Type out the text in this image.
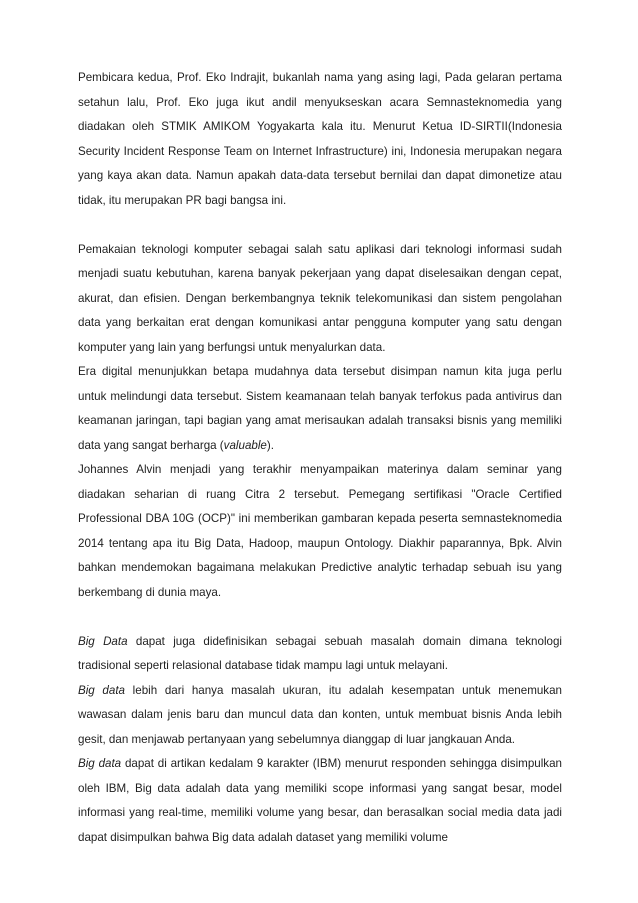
Pembicara kedua, Prof. Eko Indrajit, bukanlah nama yang asing lagi, Pada gelaran pertama setahun lalu, Prof. Eko juga ikut andil menyukseskan acara Semnasteknomedia yang diadakan oleh STMIK AMIKOM Yogyakarta kala itu. Menurut Ketua ID-SIRTII(Indonesia Security Incident Response Team on Internet Infrastructure) ini, Indonesia merupakan negara yang kaya akan data. Namun apakah data-data tersebut bernilai dan dapat dimonetize atau tidak, itu merupakan PR bagi bangsa ini.

Pemakaian teknologi komputer sebagai salah satu aplikasi dari teknologi informasi sudah menjadi suatu kebutuhan, karena banyak pekerjaan yang dapat diselesaikan dengan cepat, akurat, dan efisien. Dengan berkembangnya teknik telekomunikasi dan sistem pengolahan data yang berkaitan erat dengan komunikasi antar pengguna komputer yang satu dengan komputer yang lain yang berfungsi untuk menyalurkan data.

Era digital menunjukkan betapa mudahnya data tersebut disimpan namun kita juga perlu untuk melindungi data tersebut. Sistem keamanaan telah banyak terfokus pada antivirus dan keamanan jaringan, tapi bagian yang amat merisaukan adalah transaksi bisnis yang memiliki data yang sangat berharga (valuable).

Johannes Alvin menjadi yang terakhir menyampaikan materinya dalam seminar yang diadakan seharian di ruang Citra 2 tersebut. Pemegang sertifikasi "Oracle Certified Professional DBA 10G (OCP)" ini memberikan gambaran kepada peserta semnasteknomedia 2014 tentang apa itu Big Data, Hadoop, maupun Ontology. Diakhir paparannya, Bpk. Alvin bahkan mendemokan bagaimana melakukan Predictive analytic terhadap sebuah isu yang berkembang di dunia maya.

Big Data dapat juga didefinisikan sebagai sebuah masalah domain dimana teknologi tradisional seperti relasional database tidak mampu lagi untuk melayani.

Big data lebih dari hanya masalah ukuran, itu adalah kesempatan untuk menemukan wawasan dalam jenis baru dan muncul data dan konten, untuk membuat bisnis Anda lebih gesit, dan menjawab pertanyaan yang sebelumnya dianggap di luar jangkauan Anda.

Big data dapat di artikan kedalam 9 karakter (IBM) menurut responden sehingga disimpulkan oleh IBM, Big data adalah data yang memiliki scope informasi yang sangat besar, model informasi yang real-time, memiliki volume yang besar, dan berasalkan social media data jadi dapat disimpulkan bahwa Big data adalah dataset yang memiliki volume
